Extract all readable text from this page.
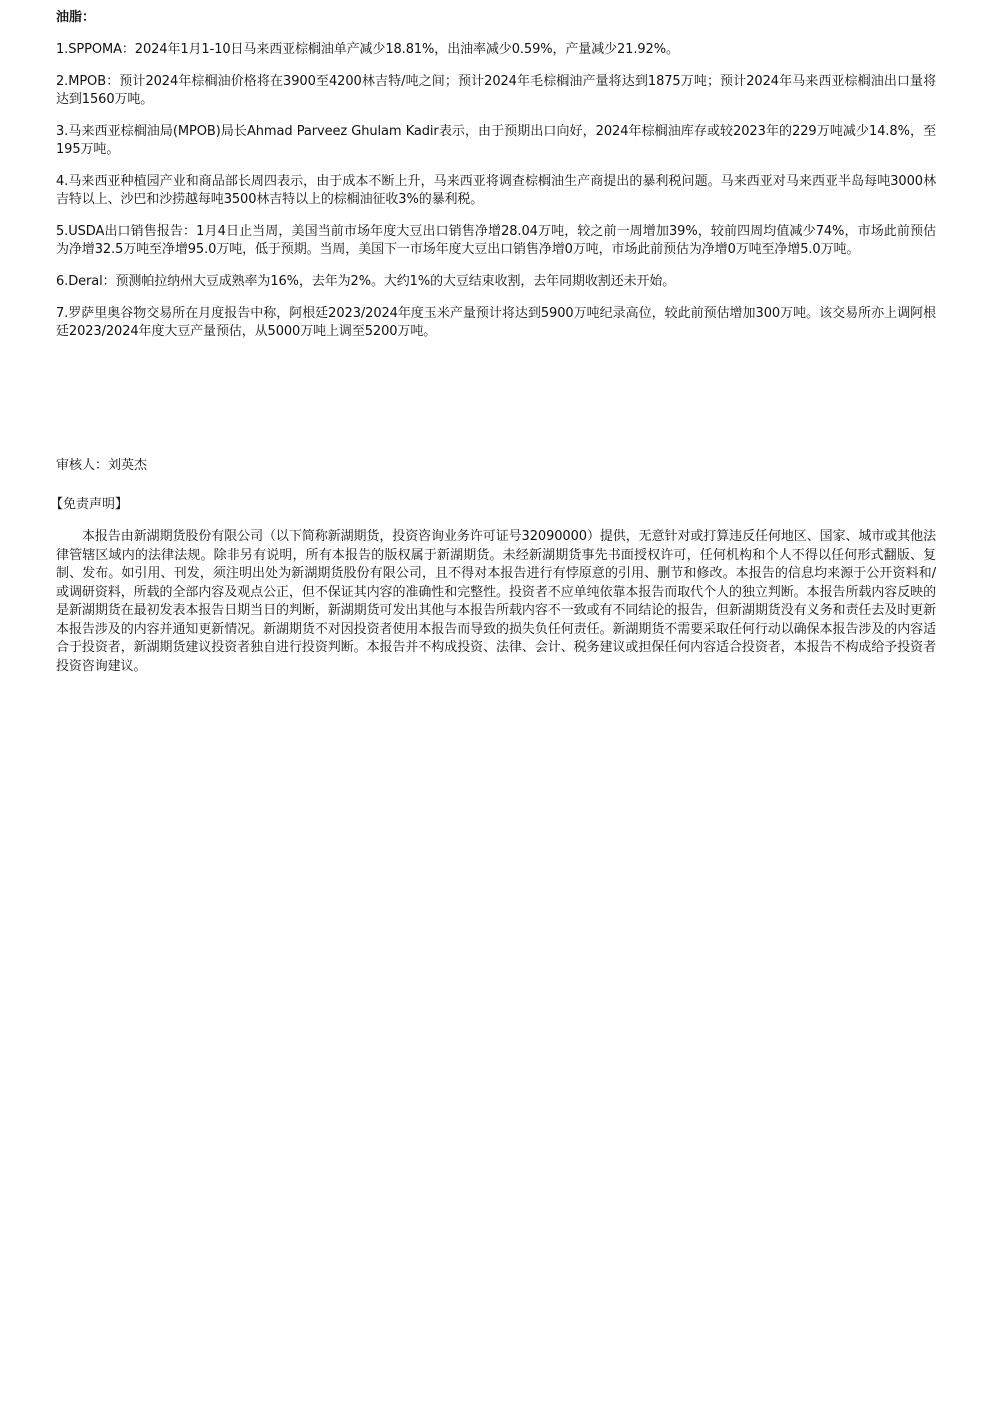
油脂：
1.SPPOMA：2024年1月1-10日马来西亚棕榈油单产减少18.81%，出油率减少0.59%，产量减少21.92%。
2.MPOB：预计2024年棕榈油价格将在3900至4200林吉特/吨之间；预计2024年毛棕榈油产量将达到1875万吨；预计2024年马来西亚棕榈油出口量将达到1560万吨。
3.马来西亚棕榈油局(MPOB)局长Ahmad Parveez Ghulam Kadir表示，由于预期出口向好，2024年棕榈油库存或较2023年的229万吨减少14.8%，至195万吨。
4.马来西亚种植园产业和商品部长周四表示，由于成本不断上升，马来西亚将调查棕榈油生产商提出的暴利税问题。马来西亚对马来西亚半岛每吨3000林吉特以上、沙巴和沙捞越每吨3500林吉特以上的棕榈油征收3%的暴利税。
5.USDA出口销售报告：1月4日止当周，美国当前市场年度大豆出口销售净增28.04万吨，较之前一周增加39%，较前四周均值减少74%，市场此前预估为净增32.5万吨至净增95.0万吨，低于预期。当周，美国下一市场年度大豆出口销售净增0万吨，市场此前预估为净增0万吨至净增5.0万吨。
6.Deral：预测帕拉纳州大豆成熟率为16%，去年为2%。大约1%的大豆结束收割，去年同期收割还未开始。
7.罗萨里奥谷物交易所在月度报告中称，阿根廷2023/2024年度玉米产量预计将达到5900万吨纪录高位，较此前预估增加300万吨。该交易所亦上调阿根廷2023/2024年度大豆产量预估，从5000万吨上调至5200万吨。

审核人：刘英杰

【免责声明】

本报告由新湖期货股份有限公司（以下简称新湖期货，投资咨询业务许可证号32090000）提供，无意针对或打算违反任何地区、国家、城市或其他法律管辖区域内的法律法规。除非另有说明，所有本报告的版权属于新湖期货。未经新湖期货事先书面授权许可，任何机构和个人不得以任何形式翻版、复制、发布。如引用、刊发，须注明出处为新湖期货股份有限公司，且不得对本报告进行有悖原意的引用、删节和修改。本报告的信息均来源于公开资料和/或调研资料，所载的全部内容及观点公正，但不保证其内容的准确性和完整性。投资者不应单纯依靠本报告而取代个人的独立判断。本报告所载内容反映的是新湖期货在最初发表本报告日期当日的判断，新湖期货可发出其他与本报告所载内容不一致或有不同结论的报告，但新湖期货没有义务和责任去及时更新本报告涉及的内容并通知更新情况。新湖期货不对因投资者使用本报告而导致的损失负任何责任。新湖期货不需要采取任何行动以确保本报告涉及的内容适合于投资者，新湖期货建议投资者独自进行投资判断。本报告并不构成投资、法律、会计、税务建议或担保任何内容适合投资者，本报告不构成给予投资者投资咨询建议。
